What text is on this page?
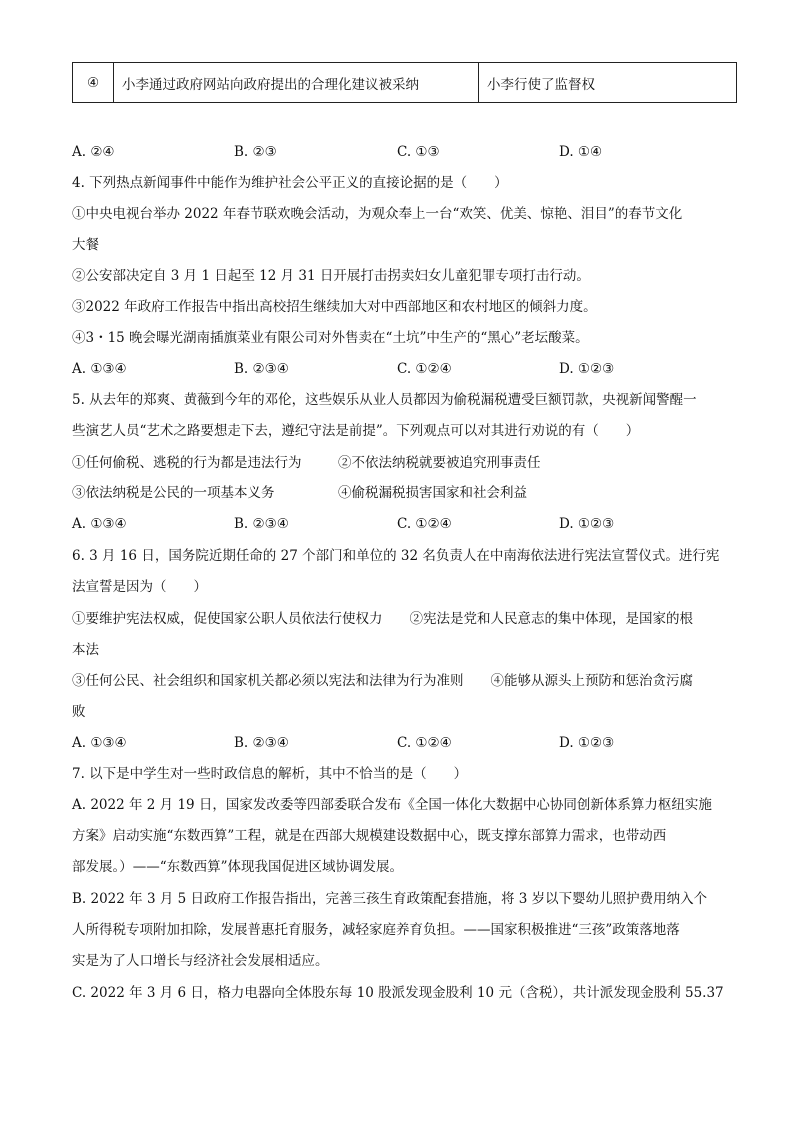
④	小李通过政府网站向政府提出的合理化建议被采纳	小李行使了监督权
A. ②④	B. ②③	C. ①③	D. ①④
4. 下列热点新闻事件中能作为维护社会公平正义的直接论据的是（　　）
①中央电视台举办 2022 年春节联欢晚会活动，为观众奉上一台“欢笑、优美、惊艳、泪目”的春节文化
大餐
②公安部决定自 3 月 1 日起至 12 月 31 日开展打击拐卖妇女儿童犯罪专项打击行动。
③2022 年政府工作报告中指出高校招生继续加大对中西部地区和农村地区的倾斜力度。
④3・15 晚会曝光湖南插旗菜业有限公司对外售卖在“土坑”中生产的“黑心”老坛酸菜。
A. ①③④	B. ②③④	C. ①②④	D. ①②③
5. 从去年的郑爽、黄薇到今年的邓伦，这些娱乐从业人员都因为偷税漏税遭受巨额罚款，央视新闻警醒一
些演艺人员“艺术之路要想走下去，遵纪守法是前提”。下列观点可以对其进行劝说的有（　　）
①任何偷税、逃税的行为都是违法行为	②不依法纳税就要被追究刑事责任
③依法纳税是公民的一项基本义务	④偷税漏税损害国家和社会利益
A. ①③④	B. ②③④	C. ①②④	D. ①②③
6. 3 月 16 日，国务院近期任命的 27 个部门和单位的 32 名负责人在中南海依法进行宪法宣誓仪式。进行宪
法宣誓是因为（　　）
①要维护宪法权威，促使国家公职人员依法行使权力　　②宪法是党和人民意志的集中体现，是国家的根
本法
③任何公民、社会组织和国家机关都必须以宪法和法律为行为准则　　④能够从源头上预防和惩治贪污腐
败
A. ①③④	B. ②③④	C. ①②④	D. ①②③
7. 以下是中学生对一些时政信息的解析，其中不恰当的是（　　）
A. 2022 年 2 月 19 日，国家发改委等四部委联合发布《全国一体化大数据中心协同创新体系算力枢纽实施
方案》启动实施“东数西算”工程，就是在西部大规模建设数据中心，既支撑东部算力需求，也带动西
部发展。）——“东数西算”体现我国促进区域协调发展。
B. 2022 年 3 月 5 日政府工作报告指出，完善三孩生育政策配套措施，将 3 岁以下婴幼儿照护费用纳入个
人所得税专项附加扣除，发展普惠托育服务，减轻家庭养育负担。——国家积极推进“三孩”政策落地落
实是为了人口增长与经济社会发展相适应。
C. 2022 年 3 月 6 日，格力电器向全体股东每 10 股派发现金股利 10 元（含税），共计派发现金股利 55.37
